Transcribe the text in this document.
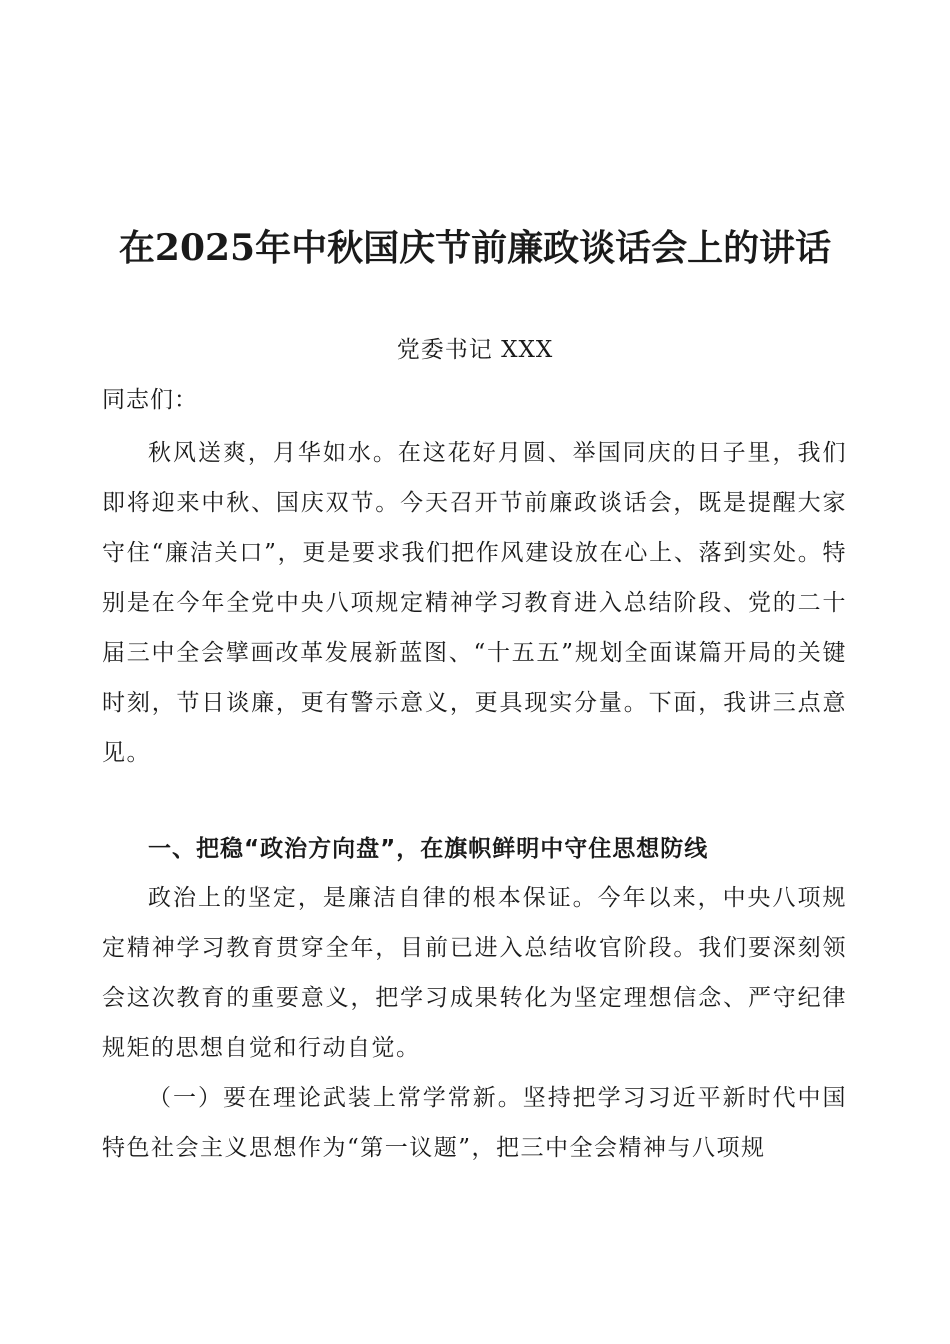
在2025年中秋国庆节前廉政谈话会上的讲话
党委书记 XXX
同志们：

秋风送爽，月华如水。在这花好月圆、举国同庆的日子里，我们即将迎来中秋、国庆双节。今天召开节前廉政谈话会，既是提醒大家守住“廉洁关口”，更是要求我们把作风建设放在心上、落到实处。特别是在今年全党中央八项规定精神学习教育进入总结阶段、党的二十届三中全会擘画改革发展新蓝图、“十五五”规划全面谋篇开局的关键时刻，节日谈廉，更有警示意义，更具现实分量。下面，我讲三点意见。

一、把稳“政治方向盘”，在旗帜鲜明中守住思想防线

政治上的坚定，是廉洁自律的根本保证。今年以来，中央八项规定精神学习教育贯穿全年，目前已进入总结收官阶段。我们要深刻领会这次教育的重要意义，把学习成果转化为坚定理想信念、严守纪律规矩的思想自觉和行动自觉。

（一）要在理论武装上常学常新。坚持把学习习近平新时代中国特色社会主义思想作为“第一议题”，把三中全会精神与八项规
